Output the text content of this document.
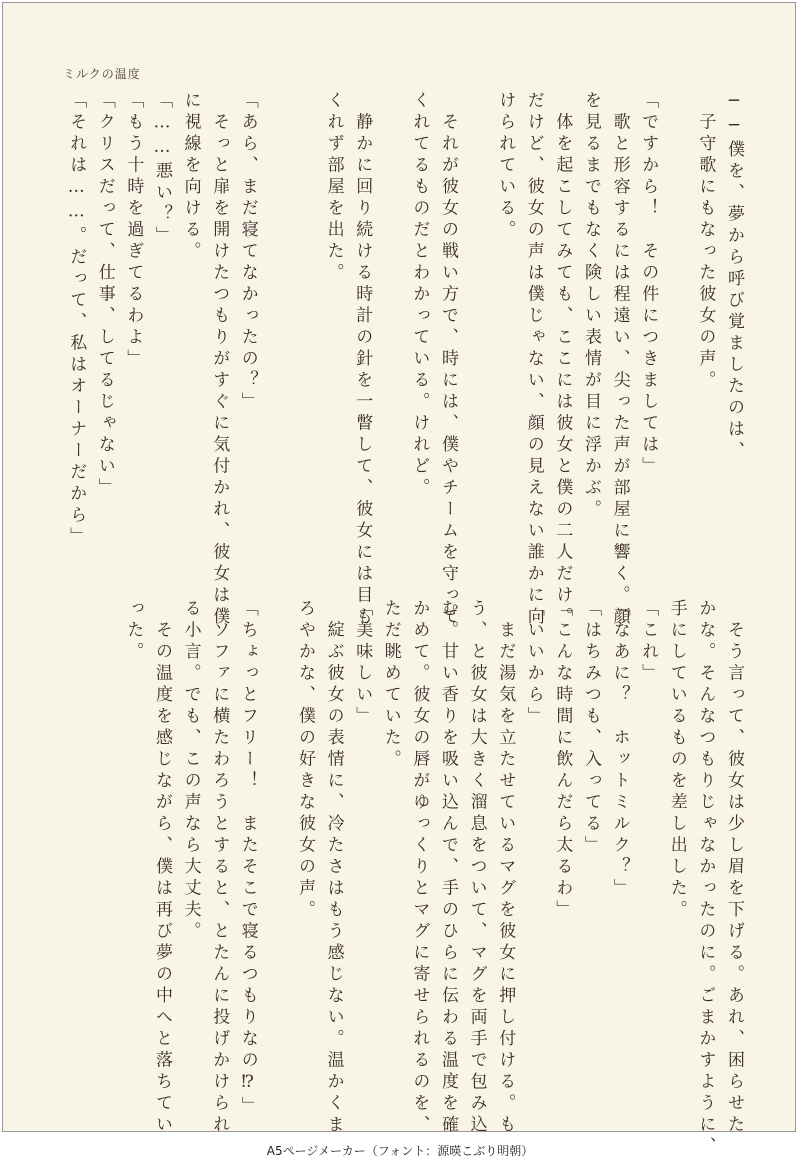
ミルクの温度
──僕を、夢から呼び覚ましたのは、
　子守歌にもなった彼女の声。
「ですから！　その件につきましては」
　歌と形容するには程遠い、尖った声が部屋に響く。顔
を見るまでもなく険しい表情が目に浮かぶ。
　体を起こしてみても、ここには彼女と僕の二人だけ。
だけど、彼女の声は僕じゃない、顔の見えない誰かに向
けられている。
　それが彼女の戦い方で、時には、僕やチームを守って
くれてるものだとわかっている。けれど。
　静かに回り続ける時計の針を一瞥して、彼女には目も
くれず部屋を出た。
「あら、まだ寝てなかったの？」
　そっと扉を開けたつもりがすぐに気付かれ、彼女は僕
に視線を向ける。
「……悪い？」
「もう十時を過ぎてるわよ」
「クリスだって、仕事、してるじゃない」
「それは……。だって、私はオーナーだから」
　そう言って、彼女は少し眉を下げる。あれ、困らせた
かな。そんなつもりじゃなかったのに。ごまかすように、
手にしているものを差し出した。
「これ」
「なあに？　ホットミルク？」
「はちみつも、入ってる」
「こんな時間に飲んだら太るわ」
「いいから」
　まだ湯気を立たせているマグを彼女に押し付ける。も
う、と彼女は大きく溜息をついて、マグを両手で包み込
む。甘い香りを吸い込んで、手のひらに伝わる温度を確
かめて。彼女の唇がゆっくりとマグに寄せられるのを、
ただ眺めていた。
「美味しい」
　綻ぶ彼女の表情に、冷たさはもう感じない。温かくま
ろやかな、僕の好きな彼女の声。
「ちょっとフリー！　またそこで寝るつもりなの⁉」
　ソファに横たわろうとすると、とたんに投げかけられ
る小言。でも、この声なら大丈夫。
　その温度を感じながら、僕は再び夢の中へと落ちてい
った。
A5ページメーカー（フォント：源暎こぶり明朝）
